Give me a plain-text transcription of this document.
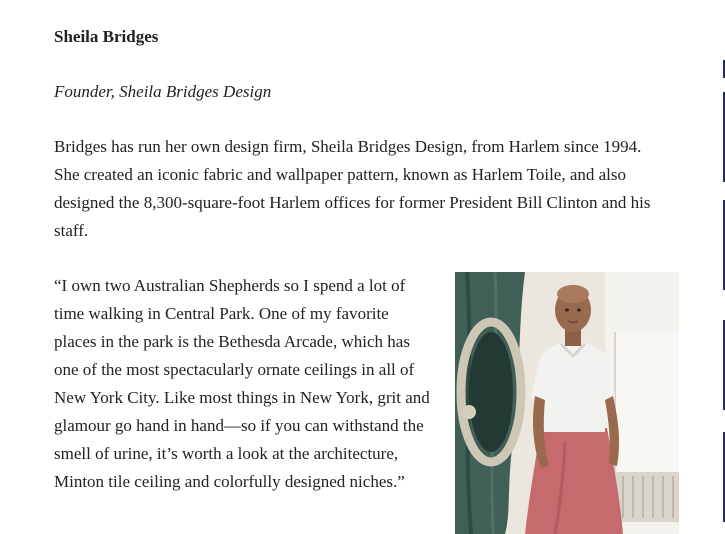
Sheila Bridges

Founder, Sheila Bridges Design

Bridges has run her own design firm, Sheila Bridges Design, from Harlem since 1994. She created an iconic fabric and wallpaper pattern, known as Harlem Toile, and also designed the 8,300-square-foot Harlem offices for former President Bill Clinton and his staff.

“I own two Australian Shepherds so I spend a lot of time walking in Central Park. One of my favorite places in the park is the Bethesda Arcade, which has one of the most spectacularly ornate ceilings in all of New York City. Like most things in New York, grit and glamour go hand in hand—so if you can withstand the smell of urine, it’s worth a look at the architecture, Minton tile ceiling and colorfully designed niches.”
